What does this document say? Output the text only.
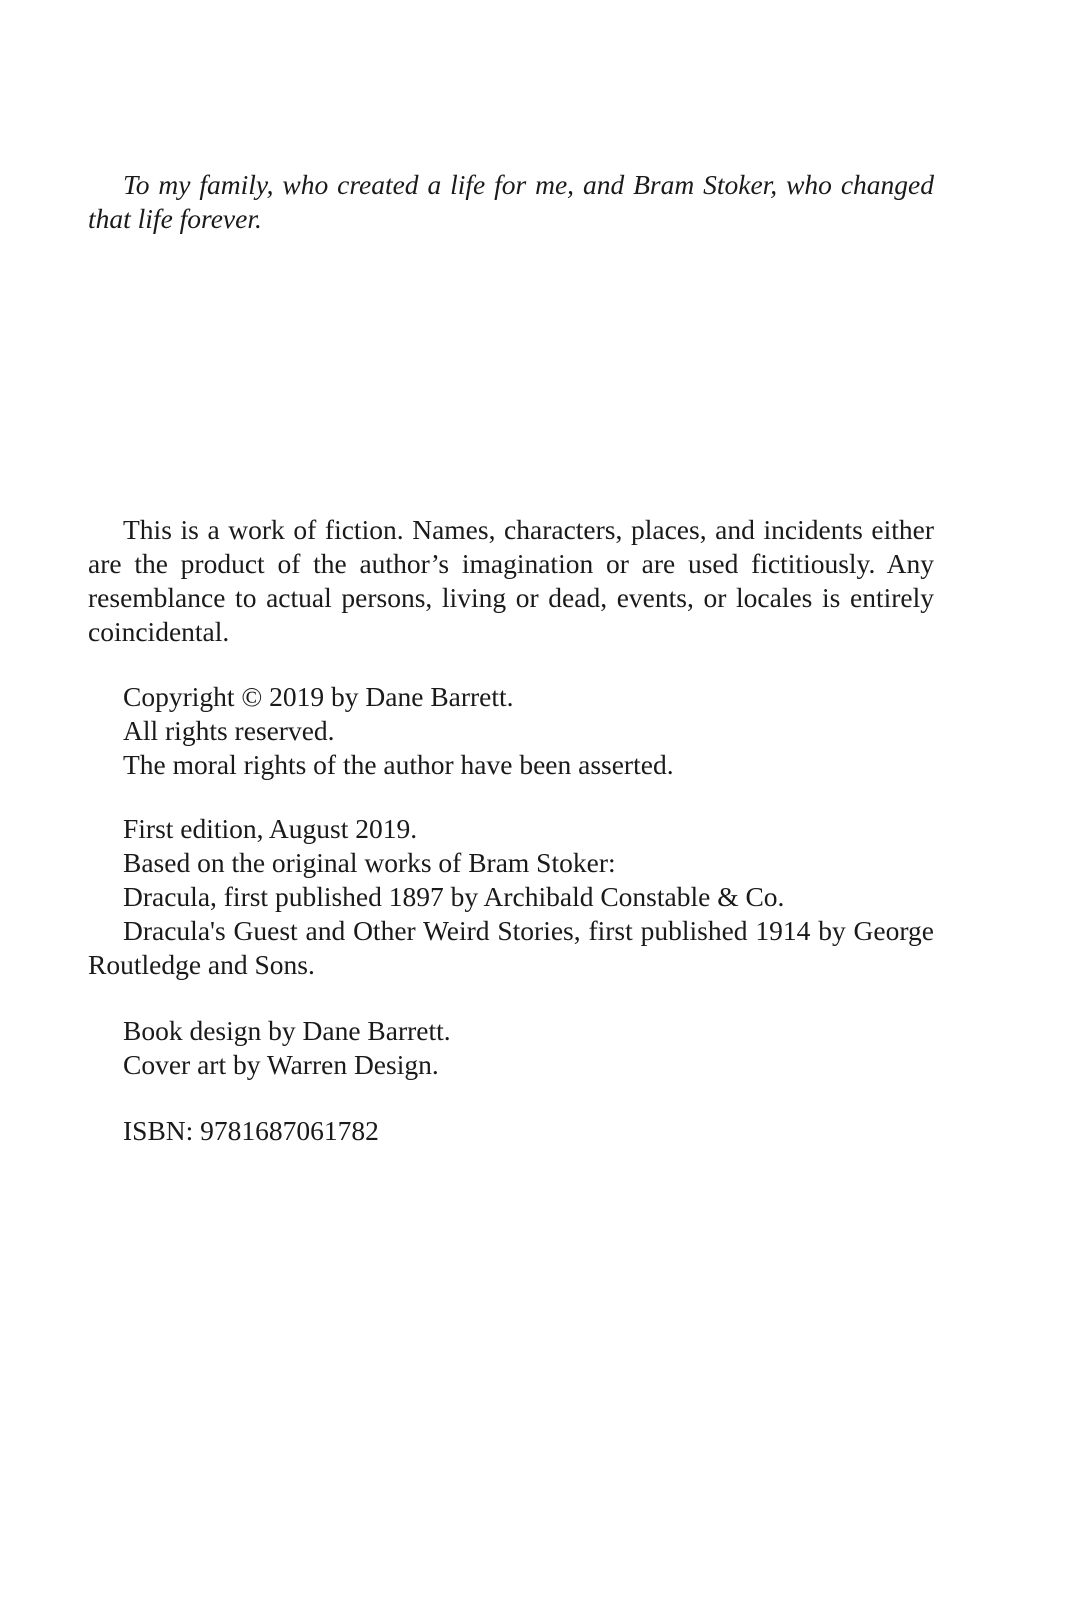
To my family, who created a life for me, and Bram Stoker, who changed that life forever.

This is a work of fiction. Names, characters, places, and incidents either are the product of the author’s imagination or are used fictitiously. Any resemblance to actual persons, living or dead, events, or locales is entirely coincidental.

Copyright © 2019 by Dane Barrett.
All rights reserved.
The moral rights of the author have been asserted.
First edition, August 2019.
Based on the original works of Bram Stoker:
Dracula, first published 1897 by Archibald Constable & Co.
Dracula's Guest and Other Weird Stories, first published 1914 by George Routledge and Sons.
Book design by Dane Barrett.
Cover art by Warren Design.
ISBN: 9781687061782
